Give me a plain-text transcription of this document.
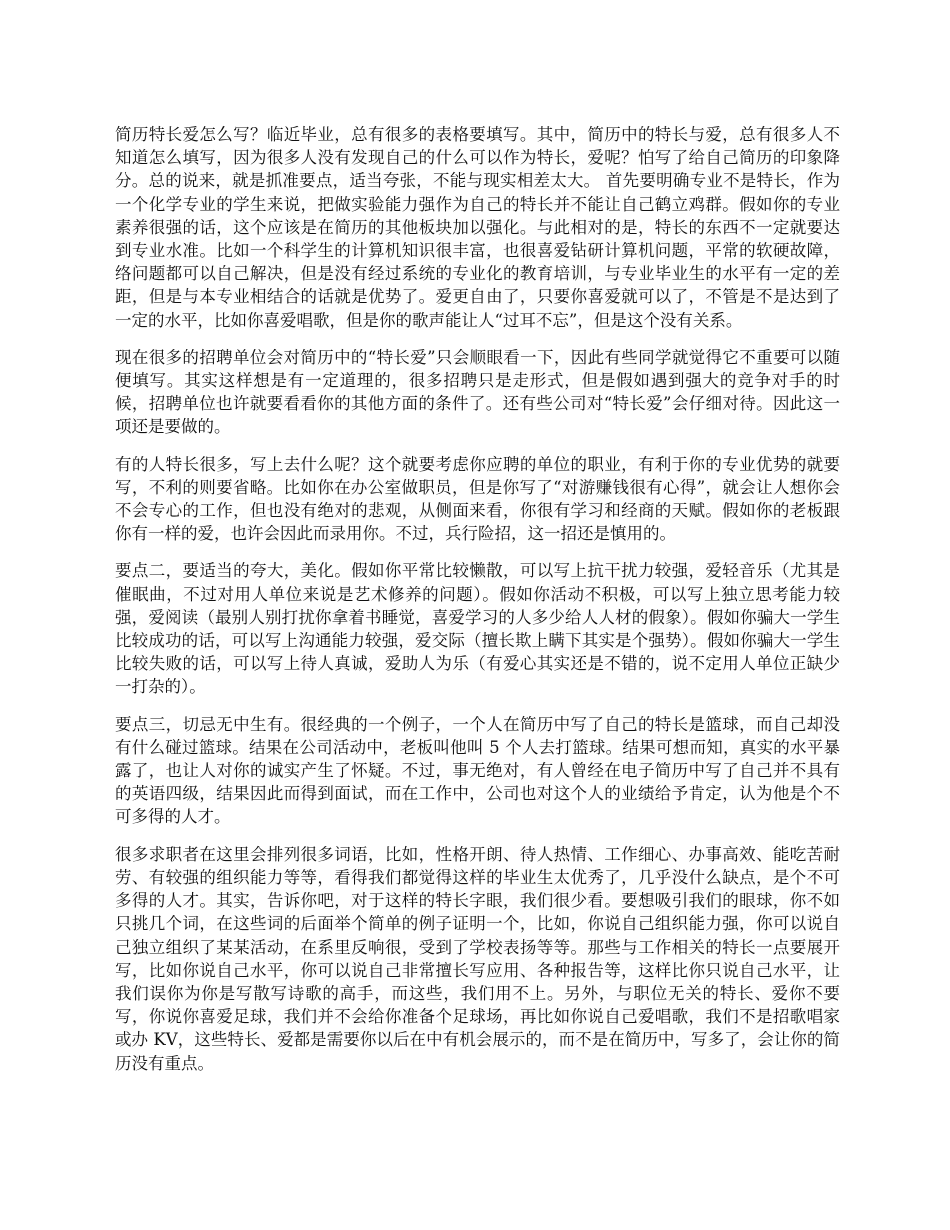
简历特长爱怎么写？临近毕业，总有很多的表格要填写。其中，简历中的特长与爱，总有很多人不知道怎么填写，因为很多人没有发现自己的什么可以作为特长，爱呢？怕写了给自己简历的印象降分。总的说来，就是抓准要点，适当夸张，不能与现实相差太大。 首先要明确专业不是特长，作为一个化学专业的学生来说，把做实验能力强作为自己的特长并不能让自己鹤立鸡群。假如你的专业素养很强的话，这个应该是在简历的其他板块加以强化。与此相对的是，特长的东西不一定就要达到专业水准。比如一个科学生的计算机知识很丰富，也很喜爱钻研计算机问题，平常的软硬故障，络问题都可以自己解决，但是没有经过系统的专业化的教育培训，与专业毕业生的水平有一定的差距，但是与本专业相结合的话就是优势了。爱更自由了，只要你喜爱就可以了，不管是不是达到了一定的水平，比如你喜爱唱歌，但是你的歌声能让人“过耳不忘”，但是这个没有关系。

现在很多的招聘单位会对简历中的“特长爱”只会顺眼看一下，因此有些同学就觉得它不重要可以随便填写。其实这样想是有一定道理的，很多招聘只是走形式，但是假如遇到强大的竞争对手的时候，招聘单位也许就要看看你的其他方面的条件了。还有些公司对“特长爱”会仔细对待。因此这一项还是要做的。

有的人特长很多，写上去什么呢？这个就要考虑你应聘的单位的职业，有利于你的专业优势的就要写，不利的则要省略。比如你在办公室做职员，但是你写了“对游赚钱很有心得”，就会让人想你会不会专心的工作，但也没有绝对的悲观，从侧面来看，你很有学习和经商的天赋。假如你的老板跟你有一样的爱，也许会因此而录用你。不过，兵行险招，这一招还是慎用的。

要点二，要适当的夸大，美化。假如你平常比较懒散，可以写上抗干扰力较强，爱轻音乐（尤其是催眠曲，不过对用人单位来说是艺术修养的问题）。假如你活动不积极，可以写上独立思考能力较强，爱阅读（最别人别打扰你拿着书睡觉，喜爱学习的人多少给人人材的假象）。假如你骗大一学生比较成功的话，可以写上沟通能力较强，爱交际（擅长欺上瞒下其实是个强势）。假如你骗大一学生比较失败的话，可以写上待人真诚，爱助人为乐（有爱心其实还是不错的，说不定用人单位正缺少一打杂的）。

要点三，切忌无中生有。很经典的一个例子，一个人在简历中写了自己的特长是篮球，而自己却没有什么碰过篮球。结果在公司活动中，老板叫他叫 5 个人去打篮球。结果可想而知，真实的水平暴露了，也让人对你的诚实产生了怀疑。不过，事无绝对，有人曾经在电子简历中写了自己并不具有的英语四级，结果因此而得到面试，而在工作中，公司也对这个人的业绩给予肯定，认为他是个不可多得的人才。

很多求职者在这里会排列很多词语，比如，性格开朗、待人热情、工作细心、办事高效、能吃苦耐劳、有较强的组织能力等等，看得我们都觉得这样的毕业生太优秀了，几乎没什么缺点，是个不可多得的人才。其实，告诉你吧，对于这样的特长字眼，我们很少看。要想吸引我们的眼球，你不如只挑几个词，在这些词的后面举个简单的例子证明一个，比如，你说自己组织能力强，你可以说自己独立组织了某某活动，在系里反响很，受到了学校表扬等等。那些与工作相关的特长一点要展开写，比如你说自己水平，你可以说自己非常擅长写应用、各种报告等，这样比你只说自己水平，让我们误你为你是写散写诗歌的高手，而这些，我们用不上。另外，与职位无关的特长、爱你不要写，你说你喜爱足球，我们并不会给你准备个足球场，再比如你说自己爱唱歌，我们不是招歌唱家或办 KV，这些特长、爱都是需要你以后在中有机会展示的，而不是在简历中，写多了，会让你的简历没有重点。
